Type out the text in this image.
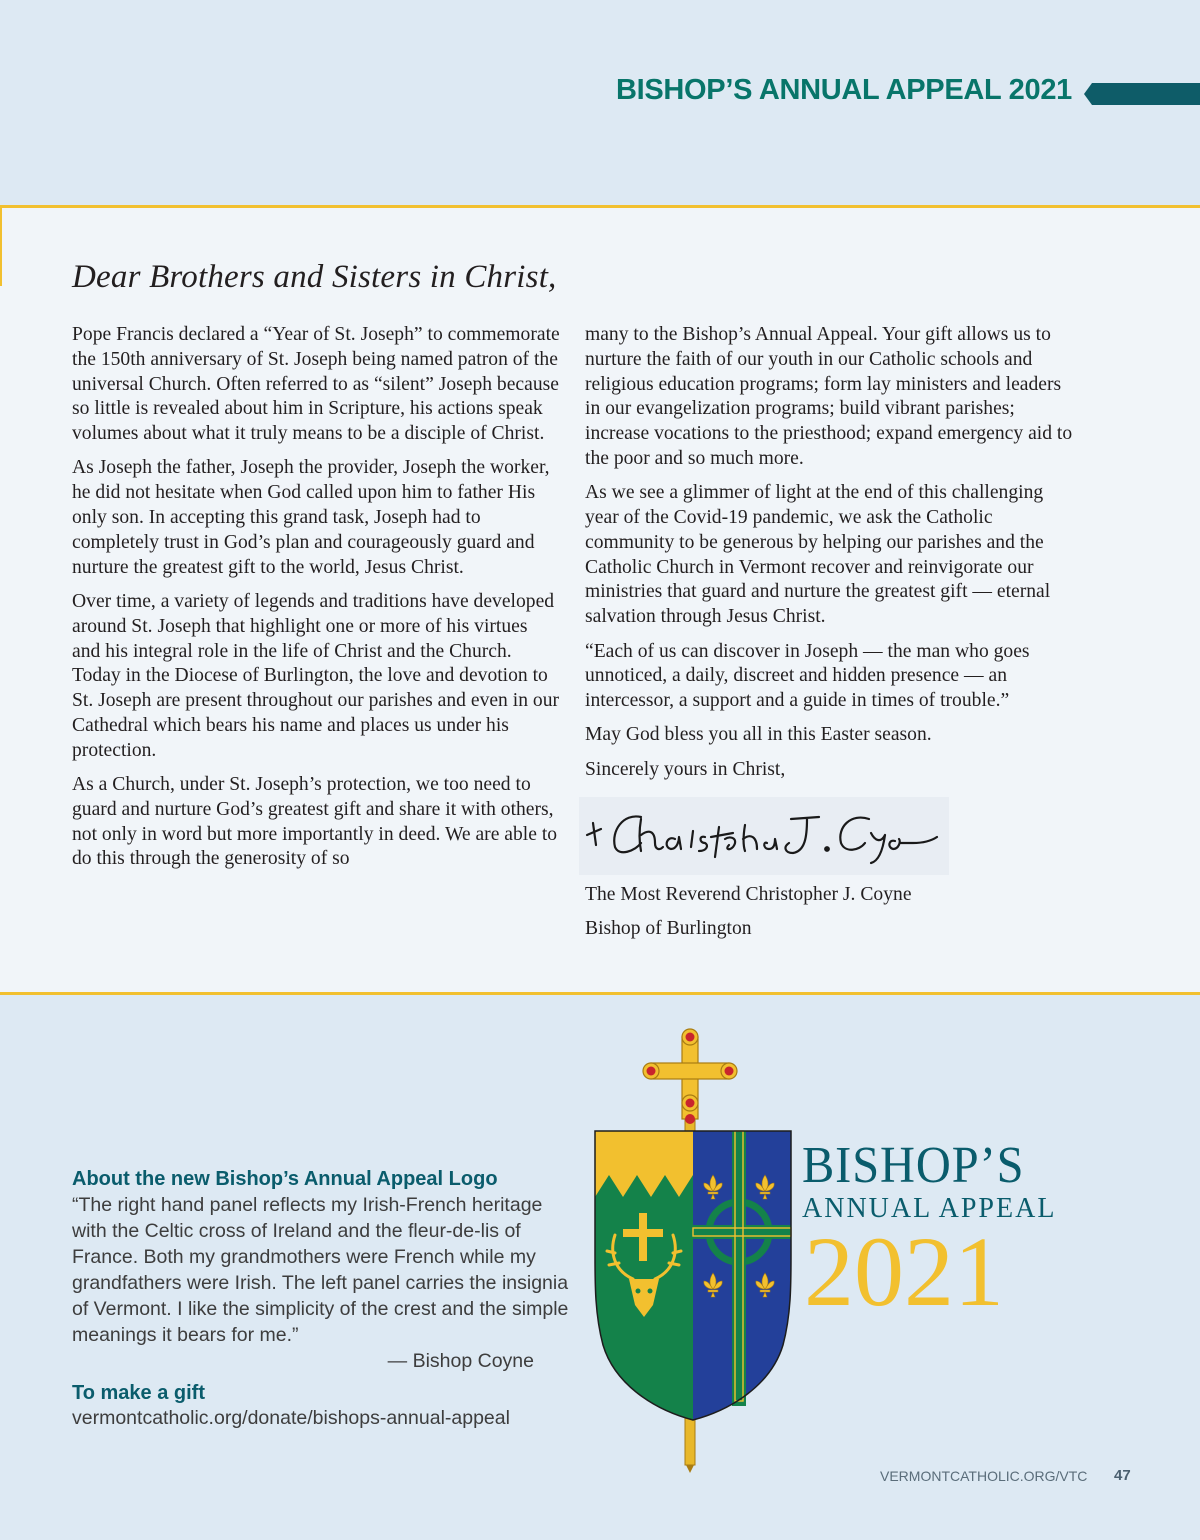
BISHOP’S ANNUAL APPEAL 2021
Dear Brothers and Sisters in Christ,

Pope Francis declared a “Year of St. Joseph” to commemorate the 150th anniversary of St. Joseph being named patron of the universal Church. Often referred to as “silent” Joseph because so little is revealed about him in Scripture, his actions speak volumes about what it truly means to be a disciple of Christ.

As Joseph the father, Joseph the provider, Joseph the worker, he did not hesitate when God called upon him to father His only son. In accepting this grand task, Joseph had to completely trust in God’s plan and courageously guard and nurture the greatest gift to the world, Jesus Christ.

Over time, a variety of legends and traditions have developed around St. Joseph that highlight one or more of his virtues and his integral role in the life of Christ and the Church. Today in the Diocese of Burlington, the love and devotion to St. Joseph are present throughout our parishes and even in our Cathedral which bears his name and places us under his protection.

As a Church, under St. Joseph’s protection, we too need to guard and nurture God’s greatest gift and share it with others, not only in word but more importantly in deed. We are able to do this through the generosity of so

many to the Bishop’s Annual Appeal. Your gift allows us to nurture the faith of our youth in our Catholic schools and religious education programs; form lay ministers and leaders in our evangelization programs; build vibrant parishes; increase vocations to the priesthood; expand emergency aid to the poor and so much more.

As we see a glimmer of light at the end of this challenging year of the Covid-19 pandemic, we ask the Catholic community to be generous by helping our parishes and the Catholic Church in Vermont recover and reinvigorate our ministries that guard and nurture the greatest gift — eternal salvation through Jesus Christ.

“Each of us can discover in Joseph — the man who goes unnoticed, a daily, discreet and hidden presence — an intercessor, a support and a guide in times of trouble.”

May God bless you all in this Easter season.

Sincerely yours in Christ,

The Most Reverend Christopher J. Coyne

Bishop of Burlington

About the new Bishop’s Annual Appeal Logo

“The right hand panel reflects my Irish-French heritage with the Celtic cross of Ireland and the fleur-de-lis of France. Both my grandmothers were French while my grandfathers were Irish. The left panel carries the insignia of Vermont. I like the simplicity of the crest and the simple meanings it bears for me.”

— Bishop Coyne

To make a gift

vermontcatholic.org/donate/bishops-annual-appeal

BISHOP’S
ANNUAL APPEAL
2021
VERMONTCATHOLIC.ORG/VTC 47
